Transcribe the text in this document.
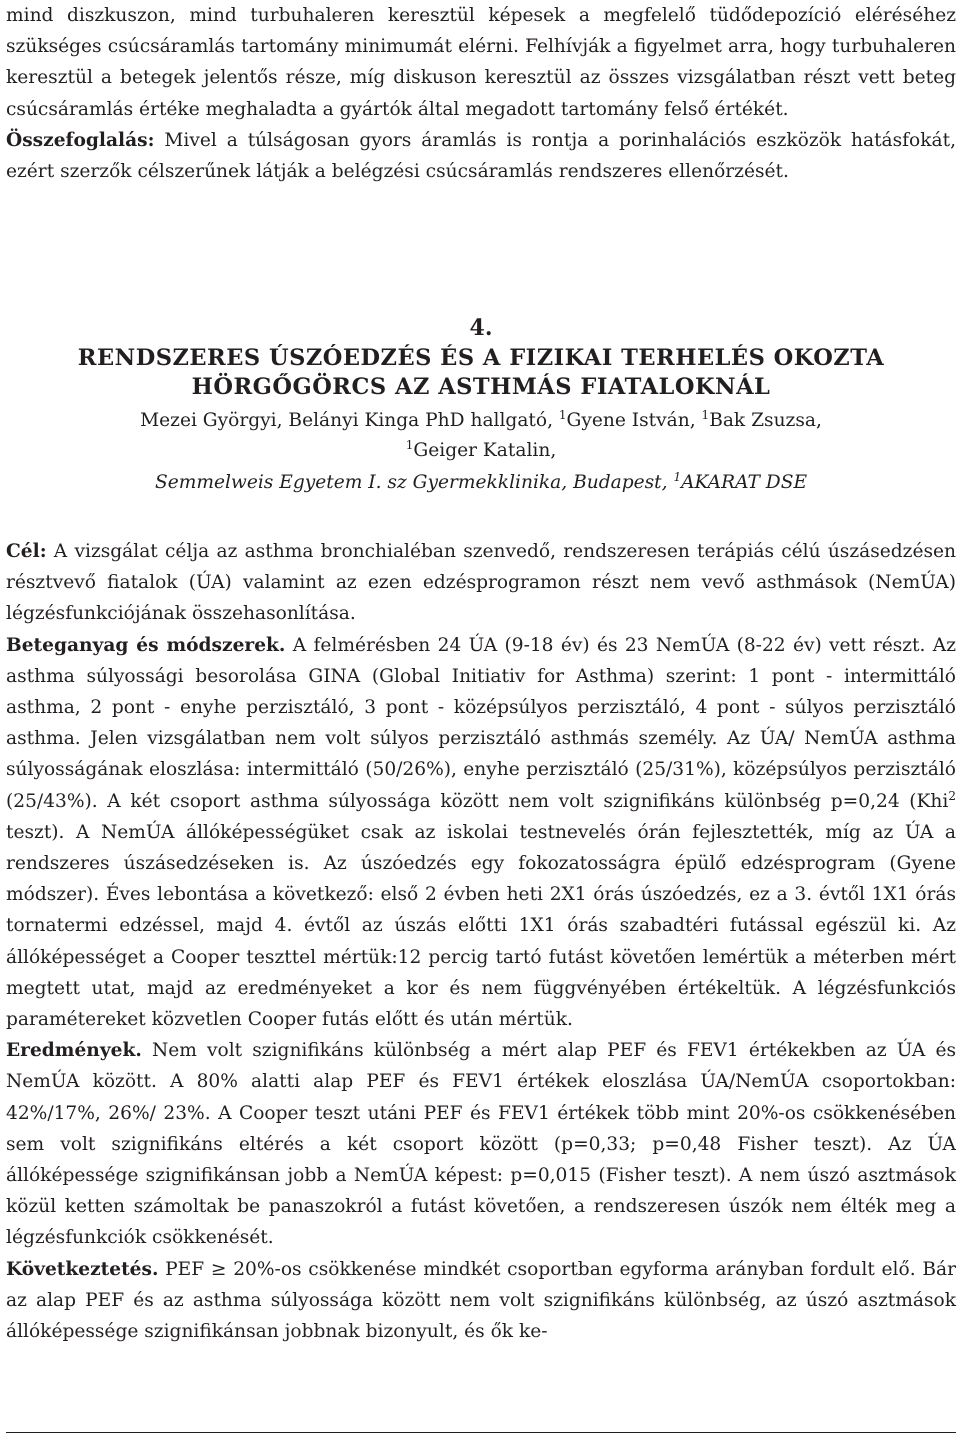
mind diszkuszon, mind turbuhaleren keresztül képesek a megfelelő tüdődepozíció eléréséhez szükséges csúcsáramlás tartomány minimumát elérni. Felhívják a figyelmet arra, hogy turbuhaleren keresztül a betegek jelentős része, míg diskuson keresztül az összes vizsgálatban részt vett beteg csúcsáramlás értéke meghaladta a gyártók által megadott tartomány felső értékét.

Összefoglalás: Mivel a túlságosan gyors áramlás is rontja a porinhalációs eszközök hatásfokát, ezért szerzők célszerűnek látják a belégzési csúcsáramlás rendszeres ellenőrzését.

4.
RENDSZERES ÚSZÓEDZÉS ÉS A FIZIKAI TERHELÉS OKOZTA
HÖRGŐGÖRCS AZ ASTHMÁS FIATALOKNÁL
Mezei Györgyi, Belányi Kinga PhD hallgató, $^1$Gyene István, $^1$Bak Zsuzsa,
$^1$Geiger Katalin,
Semmelweis Egyetem I. sz Gyermekklinika, Budapest, $^1$AKARAT DSE

Cél: A vizsgálat célja az asthma bronchialéban szenvedő, rendszeresen terápiás célú úszásedzésen résztvevő fiatalok (ÚA) valamint az ezen edzésprogramon részt nem vevő asthmások (NemÚA) légzésfunkciójának összehasonlítása.

Beteganyag és módszerek. A felmérésben 24 ÚA (9-18 év) és 23 NemÚA (8-22 év) vett részt. Az asthma súlyossági besorolása GINA (Global Initiativ for Asthma) szerint: 1 pont - intermittáló asthma, 2 pont - enyhe perzisztáló, 3 pont - középsúlyos perzisztáló, 4 pont - súlyos perzisztáló asthma. Jelen vizsgálatban nem volt súlyos perzisztáló asthmás személy. Az ÚA/ NemÚA asthma súlyosságának eloszlása: intermittáló (50/26%), enyhe perzisztáló (25/31%), középsúlyos perzisztáló (25/43%). A két csoport asthma súlyossága között nem volt szignifikáns különbség p=0,24 (Khi$^2$ teszt). A NemÚA állóképességüket csak az iskolai testnevelés órán fejlesztették, míg az ÚA a rendszeres úszásedzéseken is. Az úszóedzés egy fokozatosságra épülő edzésprogram (Gyene módszer). Éves lebontása a következő: első 2 évben heti 2X1 órás úszóedzés, ez a 3. évtől 1X1 órás tornatermi edzéssel, majd 4. évtől az úszás előtti 1X1 órás szabadtéri futással egészül ki. Az állóképességet a Cooper teszttel mértük:12 percig tartó futást követően lemértük a méterben mért megtett utat, majd az eredményeket a kor és nem függvényében értékeltük. A légzésfunkciós paramétereket közvetlen Cooper futás előtt és után mértük.

Eredmények. Nem volt szignifikáns különbség a mért alap PEF és FEV1 értékekben az ÚA és NemÚA között. A 80% alatti alap PEF és FEV1 értékek eloszlása ÚA/NemÚA csoportokban: 42%/17%, 26%/ 23%. A Cooper teszt utáni PEF és FEV1 értékek több mint 20%-os csökkenésében sem volt szignifikáns eltérés a két csoport között (p=0,33; p=0,48 Fisher teszt). Az ÚA állóképessége szignifikánsan jobb a NemÚA képest: p=0,015 (Fisher teszt). A nem úszó asztmások közül ketten számoltak be panaszokról a futást követően, a rendszeresen úszók nem élték meg a légzésfunkciók csökkenését.

Következtetés. PEF ≥ 20%-os csökkenése mindkét csoportban egyforma arányban fordult elő. Bár az alap PEF és az asthma súlyossága között nem volt szignifikáns különbség, az úszó asztmások állóképessége szignifikánsan jobbnak bizonyult, és ők ke-
